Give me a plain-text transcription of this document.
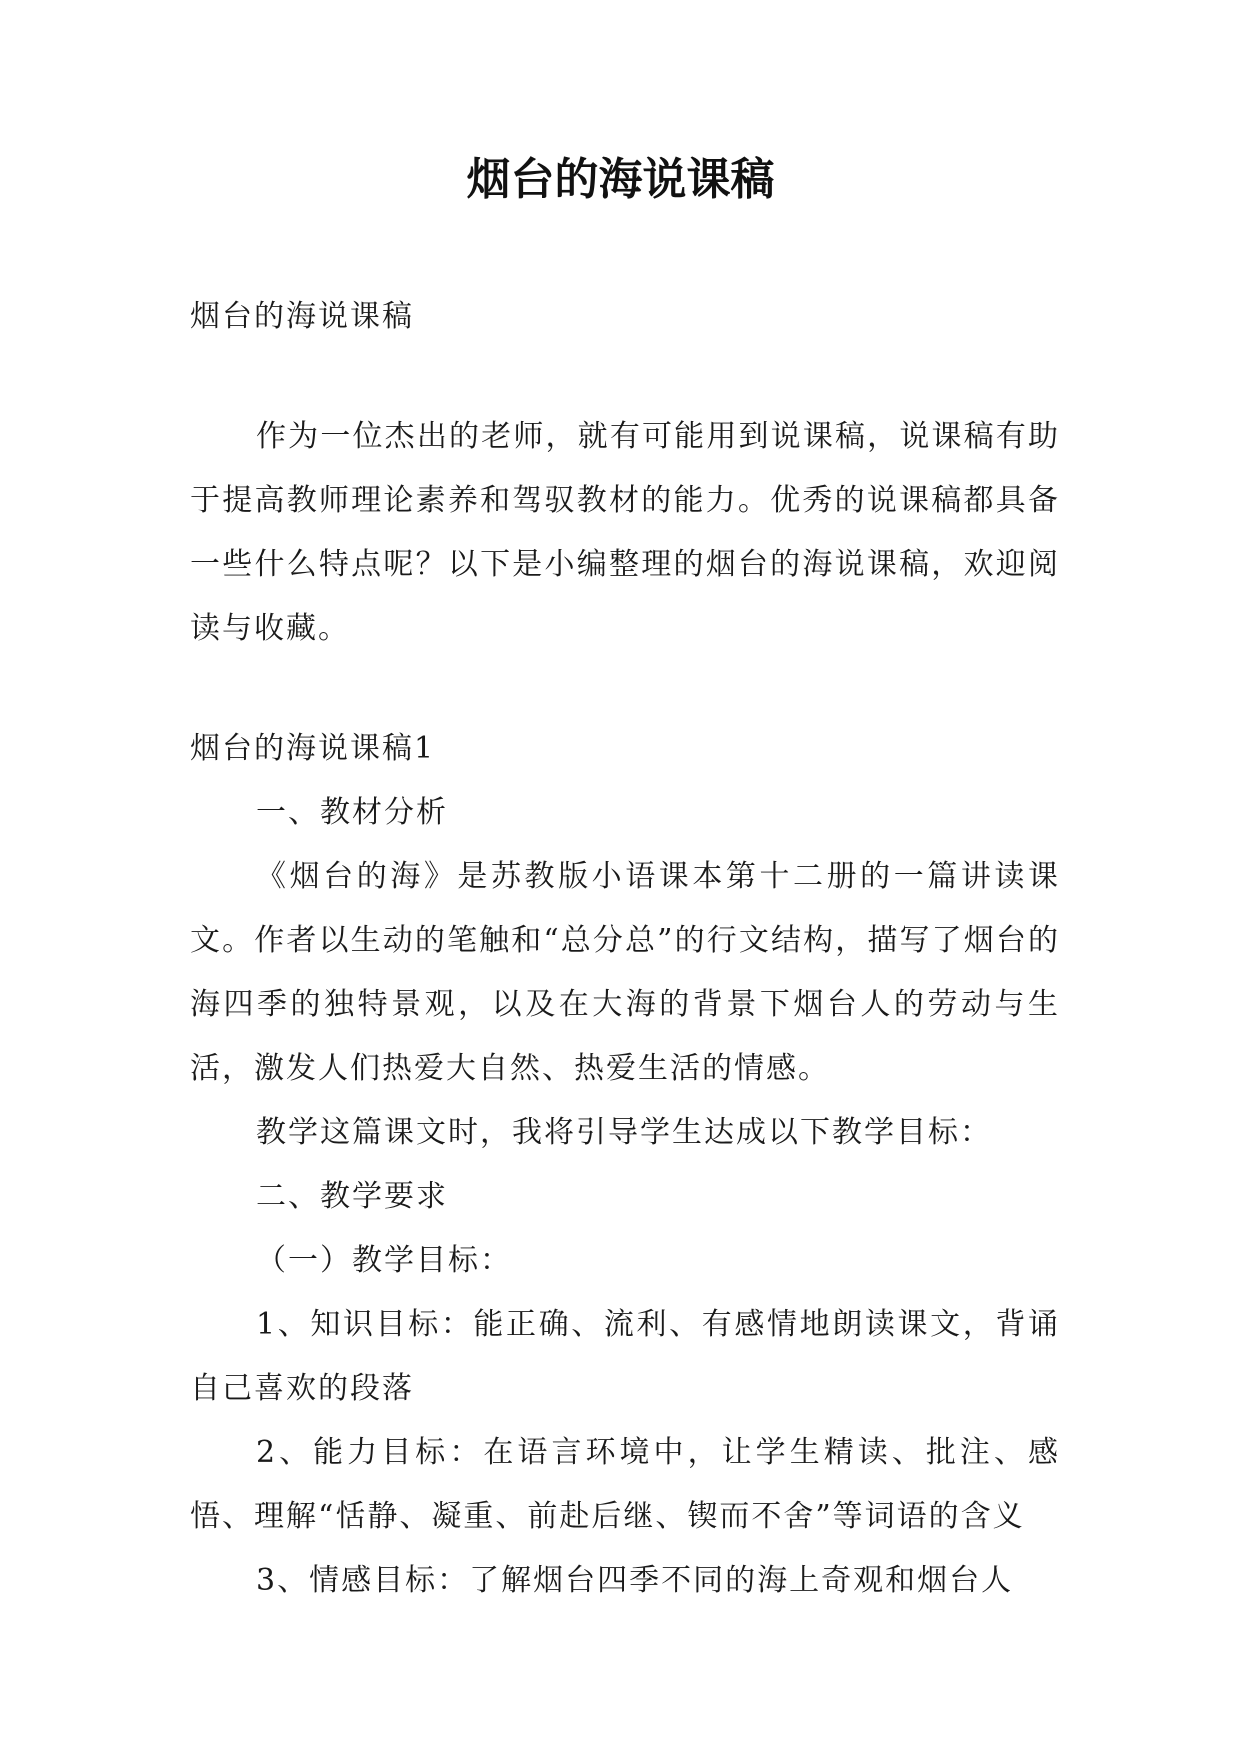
烟台的海说课稿

烟台的海说课稿

作为一位杰出的老师，就有可能用到说课稿，说课稿有助于提高教师理论素养和驾驭教材的能力。优秀的说课稿都具备一些什么特点呢？以下是小编整理的烟台的海说课稿，欢迎阅读与收藏。

烟台的海说课稿1

一、教材分析

《烟台的海》是苏教版小语课本第十二册的一篇讲读课文。作者以生动的笔触和“总分总”的行文结构，描写了烟台的海四季的独特景观，以及在大海的背景下烟台人的劳动与生活，激发人们热爱大自然、热爱生活的情感。

教学这篇课文时，我将引导学生达成以下教学目标：

二、教学要求

（一）教学目标：

1、知识目标：能正确、流利、有感情地朗读课文，背诵自己喜欢的段落

2、能力目标：在语言环境中，让学生精读、批注、感悟、理解“恬静、凝重、前赴后继、锲而不舍”等词语的含义

3、情感目标：了解烟台四季不同的海上奇观和烟台人
